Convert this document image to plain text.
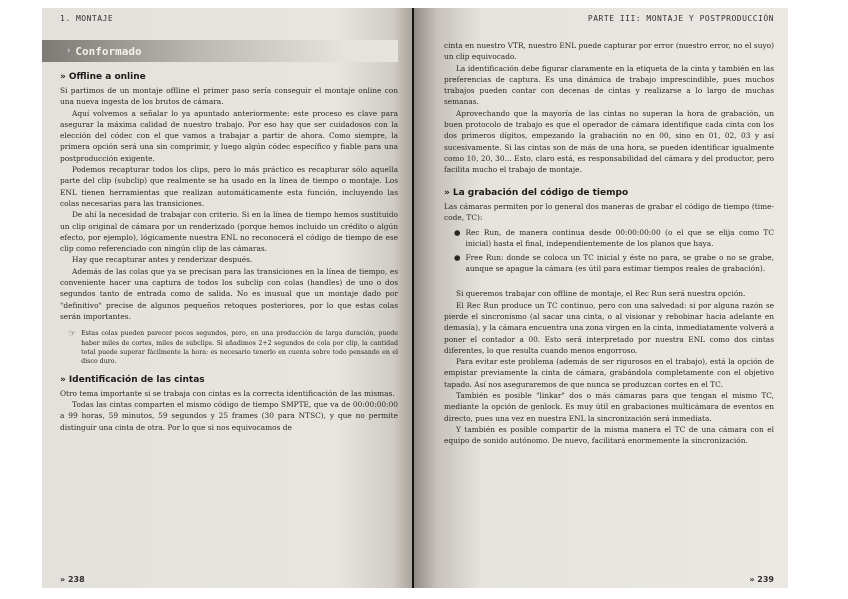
1. MONTAJE
› Conformado
» Offline a online

Si partimos de un montaje offline el primer paso sería conseguir el montaje online con una nueva ingesta de los brutos de cámara.

Aquí volvemos a señalar lo ya apuntado anteriormente: este proceso es clave para asegurar la máxima calidad de nuestro trabajo. Por eso hay que ser cuidadosos con la elección del códec con el que vamos a trabajar a partir de ahora. Como siempre, la primera opción será una sin comprimir, y luego algún códec específico y fiable para una postproducción exigente.

Podemos recapturar todos los clips, pero lo más práctico es recapturar sólo aquella parte del clip (subclip) que realmente se ha usado en la línea de tiempo o montaje. Los ENL tienen herramientas que realizan automáticamente esta función, incluyendo las colas necesarias para las transiciones.

De ahí la necesidad de trabajar con criterio. Si en la línea de tiempo hemos sustituido un clip original de cámara por un renderizado (porque hemos incluido un crédito o algún efecto, por ejemplo), lógicamente nuestra ENL no reconocerá el código de tiempo de ese clip como referenciado con ningún clip de las cámaras.

Hay que recapturar antes y renderizar después.

Además de las colas que ya se precisan para las transiciones en la línea de tiempo, es conveniente hacer una captura de todos los subclip con colas (handles) de uno o dos segundos tanto de entrada como de salida. No es inusual que un montaje dado por "definitivo" precise de algunos pequeños retoques posteriores, por lo que estas colas serán importantes.

☞ Estas colas pueden parecer pocos segundos, pero, en una producción de larga duración, puede haber miles de cortes, miles de subclips. Si añadimos 2+2 segundos de cola por clip, la cantidad total puede superar fácilmente la hora: es necesario tenerlo en cuenta sobre todo pensando en el disco duro.

» Identificación de las cintas

Otro tema importante si se trabaja con cintas es la correcta identificación de las mismas.

Todas las cintas comparten el mismo código de tiempo SMPTE, que va de 00:00:00:00 a 99 horas, 59 minutos, 59 segundos y 25 frames (30 para NTSC), y que no permite distinguir una cinta de otra. Por lo que si nos equivocamos de

» 238
PARTE III: MONTAJE Y POSTPRODUCCIÓN

cinta en nuestro VTR, nuestro ENL puede capturar por error (nuestro error, no el suyo) un clip equivocado.

La identificación debe figurar claramente en la etiqueta de la cinta y también en las preferencias de captura. Es una dinámica de trabajo imprescindible, pues muchos trabajos pueden contar con decenas de cintas y realizarse a lo largo de muchas semanas.

Aprovechando que la mayoría de las cintas no superan la hora de grabación, un buen protocolo de trabajo es que el operador de cámara identifique cada cinta con los dos primeros dígitos, empezando la grabación no en 00, sino en 01, 02, 03 y así sucesivamente. Si las cintas son de más de una hora, se pueden identificar igualmente como 10, 20, 30... Esto, claro está, es responsabilidad del cámara y del productor, pero facilita mucho el trabajo de montaje.

» La grabación del código de tiempo

Las cámaras permiten por lo general dos maneras de grabar el código de tiempo (time-code, TC):

● Rec Run, de manera continua desde 00:00:00:00 (o el que se elija como TC inicial) hasta el final, independientemente de los planos que haya.
● Free Run: donde se coloca un TC inicial y éste no para, se grabe o no se grabe, aunque se apague la cámara (es útil para estimar tiempos reales de grabación).

Si queremos trabajar con offline de montaje, el Rec Run será nuestra opción.

El Rec Run produce un TC continuo, pero con una salvedad: si por alguna razón se pierde el sincronismo (al sacar una cinta, o al visionar y rebobinar hacia adelante en demasía), y la cámara encuentra una zona virgen en la cinta, inmediatamente volverá a poner el contador a 00. Esto será interpretado por nuestra ENL como dos cintas diferentes, lo que resulta cuando menos engorroso.

Para evitar este problema (además de ser rigurosos en el trabajo), está la opción de empistar previamente la cinta de cámara, grabándola completamente con el objetivo tapado. Así nos aseguraremos de que nunca se produzcan cortes en el TC.

También es posible "linkar" dos o más cámaras para que tengan el mismo TC, mediante la opción de genlock. Es muy útil en grabaciones multicámara de eventos en directo, pues una vez en nuestra ENL la sincronización será inmediata.

Y también es posible compartir de la misma manera el TC de una cámara con el equipo de sonido autónomo. De nuevo, facilitará enormemente la sincronización.

» 239
